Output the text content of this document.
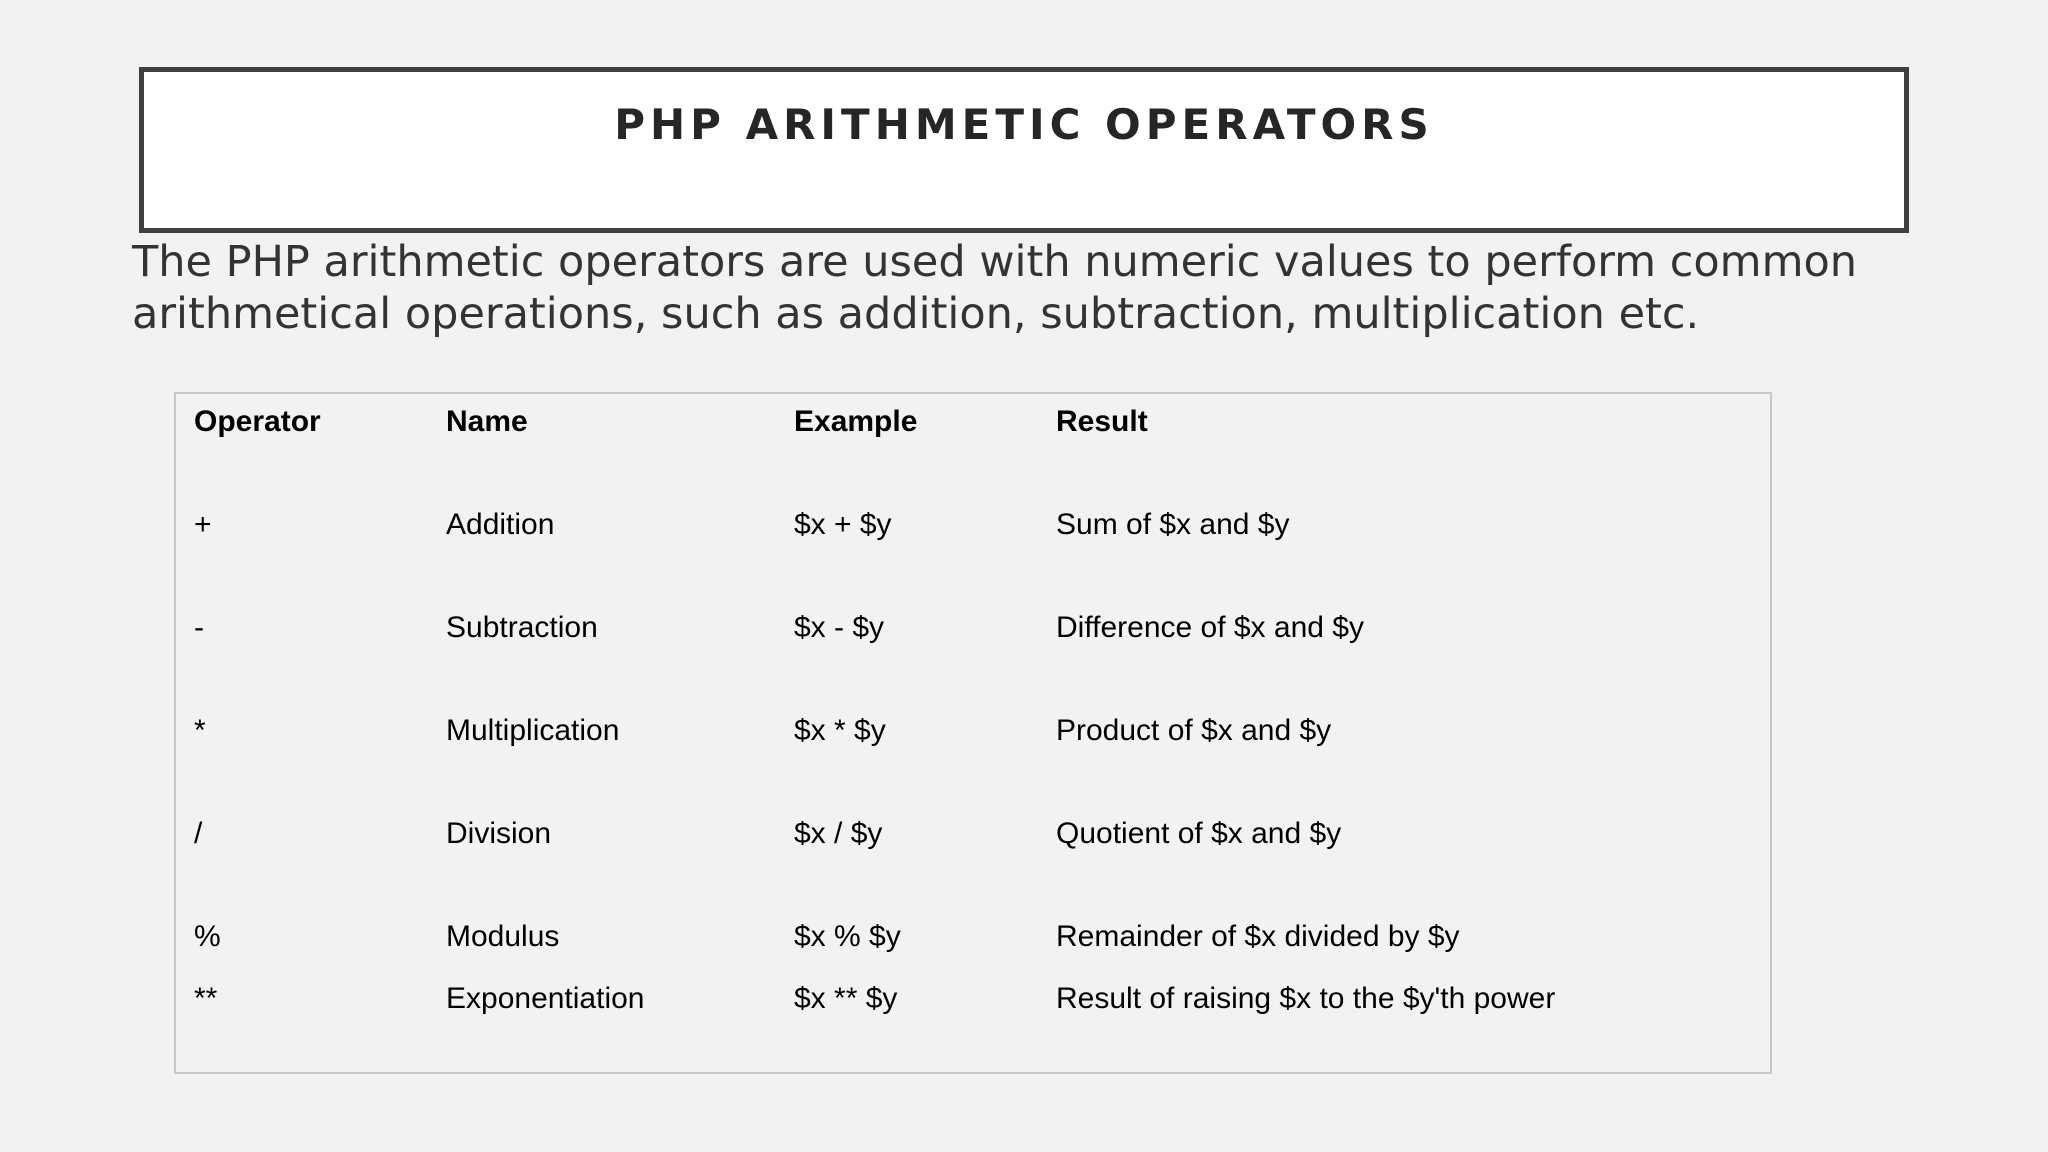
PHP ARITHMETIC OPERATORS

The PHP arithmetic operators are used with numeric values to perform common arithmetical operations, such as addition, subtraction, multiplication etc.

Operator	Name	Example	Result
+	Addition	$x + $y	Sum of $x and $y
-	Subtraction	$x - $y	Difference of $x and $y
*	Multiplication	$x * $y	Product of $x and $y
/	Division	$x / $y	Quotient of $x and $y
%	Modulus	$x % $y	Remainder of $x divided by $y
**	Exponentiation	$x ** $y	Result of raising $x to the $y'th power
